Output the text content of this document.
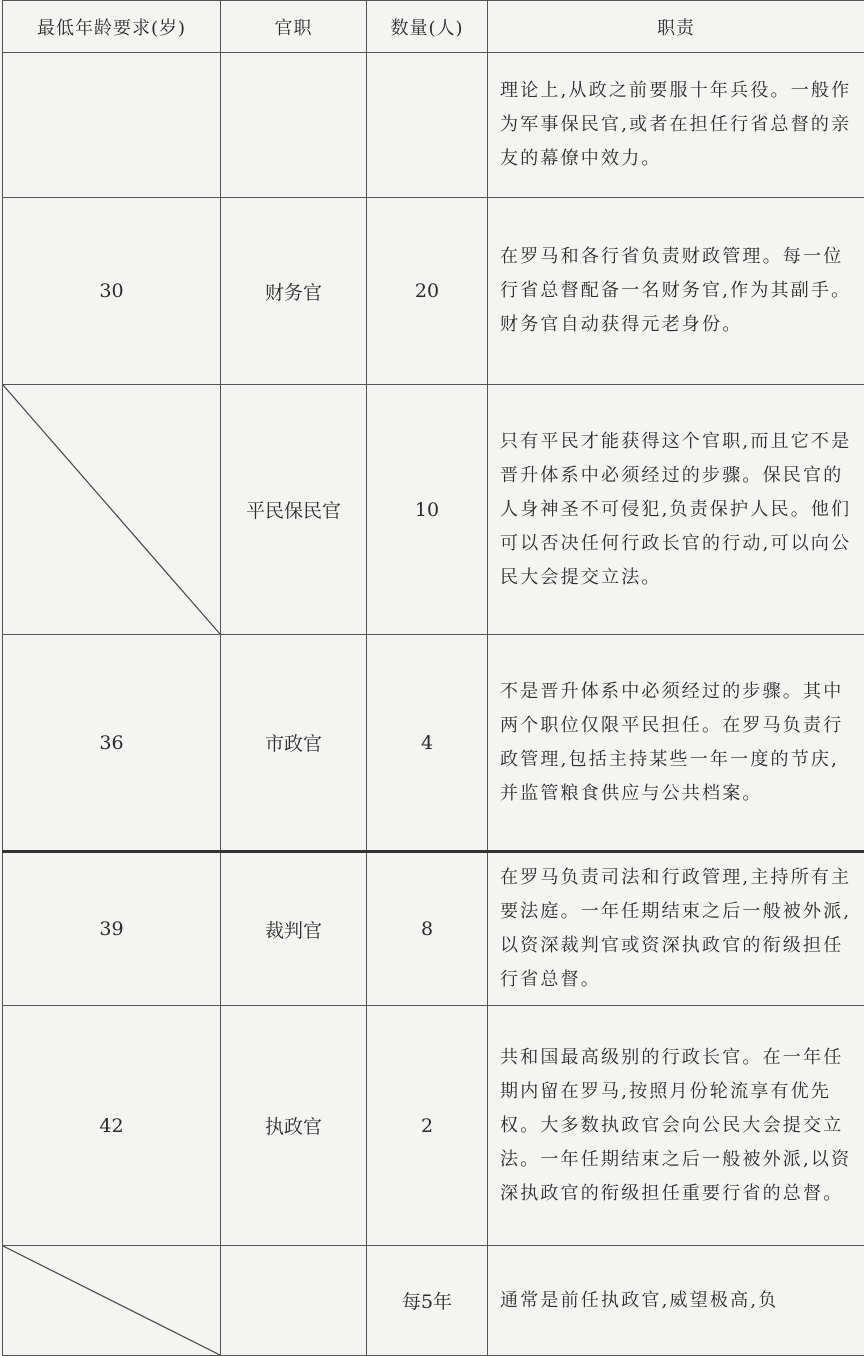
最低年龄要求(岁)	官职	数量(人)	职责
			理论上,从政之前要服十年兵役。一般作为军事保民官,或者在担任行省总督的亲友的幕僚中效力。
30	财务官	20	在罗马和各行省负责财政管理。每一位行省总督配备一名财务官,作为其副手。财务官自动获得元老身份。

	平民保民官	10	只有平民才能获得这个官职,而且它不是晋升体系中必须经过的步骤。保民官的人身神圣不可侵犯,负责保护人民。他们可以否决任何行政长官的行动,可以向公民大会提交立法。
36	市政官	4	不是晋升体系中必须经过的步骤。其中两个职位仅限平民担任。在罗马负责行政管理,包括主持某些一年一度的节庆,并监管粮食供应与公共档案。
39	裁判官	8	在罗马负责司法和行政管理,主持所有主要法庭。一年任期结束之后一般被外派,以资深裁判官或资深执政官的衔级担任行省总督。
42	执政官	2	共和国最高级别的行政长官。在一年任期内留在罗马,按照月份轮流享有优先权。大多数执政官会向公民大会提交立法。一年任期结束之后一般被外派,以资深执政官的衔级担任重要行省的总督。

		每5年	通常是前任执政官,威望极高,负
